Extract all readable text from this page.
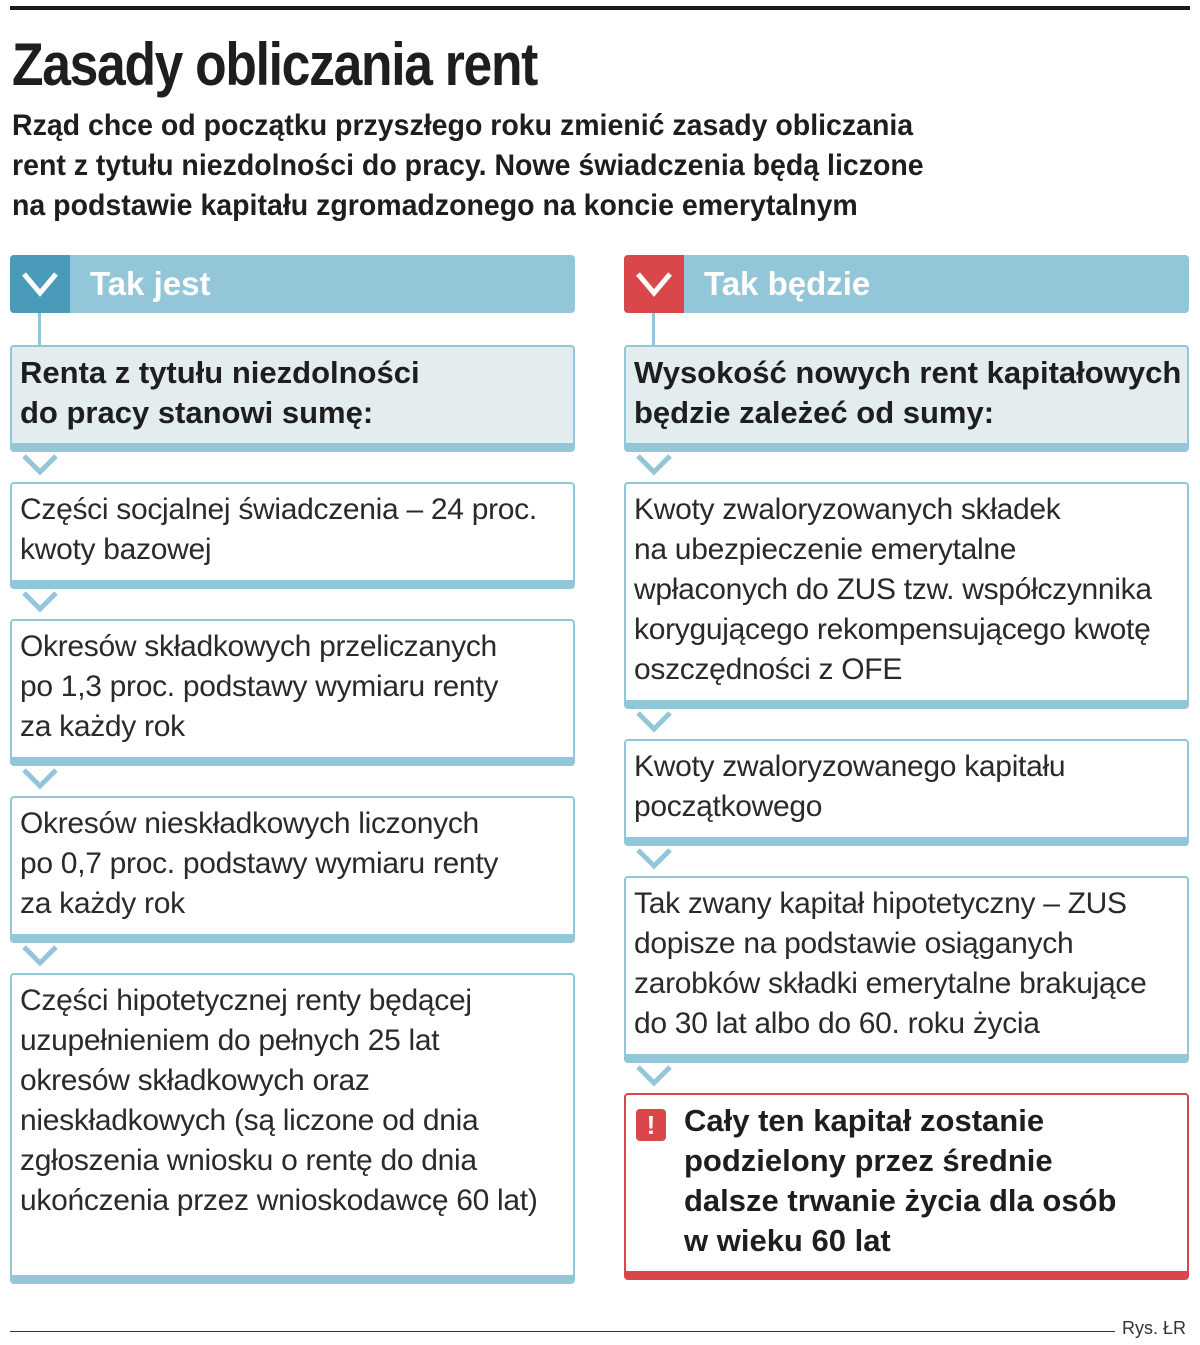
Zasady obliczania rent
Rząd chce od początku przyszłego roku zmienić zasady obliczania
rent z tytułu niezdolności do pracy. Nowe świadczenia będą liczone
na podstawie kapitału zgromadzonego na koncie emerytalnym
Tak jest
Renta z tytułu niezdolności
do pracy stanowi sumę:
Części socjalnej świadczenia – 24 proc.
kwoty bazowej
Okresów składkowych przeliczanych
po 1,3 proc. podstawy wymiaru renty
za każdy rok
Okresów nieskładkowych liczonych
po 0,7 proc. podstawy wymiaru renty
za każdy rok
Części hipotetycznej renty będącej
uzupełnieniem do pełnych 25 lat
okresów składkowych oraz
nieskładkowych (są liczone od dnia
zgłoszenia wniosku o rentę do dnia
ukończenia przez wnioskodawcę 60 lat)
Tak będzie
Wysokość nowych rent kapitałowych
będzie zależeć od sumy:
Kwoty zwaloryzowanych składek
na ubezpieczenie emerytalne
wpłaconych do ZUS tzw. współczynnika
korygującego rekompensującego kwotę
oszczędności z OFE
Kwoty zwaloryzowanego kapitału
początkowego
Tak zwany kapitał hipotetyczny – ZUS
dopisze na podstawie osiąganych
zarobków składki emerytalne brakujące
do 30 lat albo do 60. roku życia
! Cały ten kapitał zostanie
podzielony przez średnie
dalsze trwanie życia dla osób
w wieku 60 lat
Rys. ŁR
